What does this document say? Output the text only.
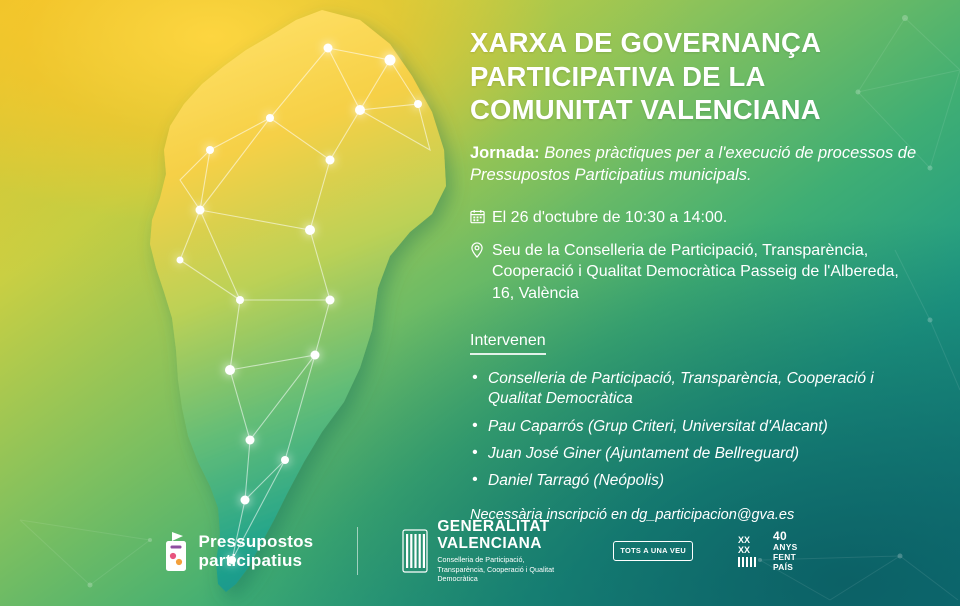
XARXA DE GOVERNANÇA PARTICIPATIVA DE LA COMUNITAT VALENCIANA

Jornada: Bones pràctiques per a l'execució de processos de Pressupostos Participatius municipals.

El 26 d'octubre de 10:30 a 14:00.
Seu de la Conselleria de Participació, Transparència, Cooperació i Qualitat Democràtica Passeig de l'Albereda, 16, València
Intervenen
• Conselleria de Participació, Transparència, Cooperació i Qualitat Democràtica
• Pau Caparrós (Grup Criteri, Universitat d'Alacant)
• Juan José Giner (Ajuntament de Bellreguard)
• Daniel Tarragó (Neópolis)

Necessària inscripció en dg_participacion@gva.es

Pressupostos
participatius
GENERALITAT
VALENCIANA
Conselleria de Participació, Transparència, Cooperació i Qualitat Democràtica
TOTS A UNA VEU
XX
XX
40
ANYS
FENT
PAÍS
